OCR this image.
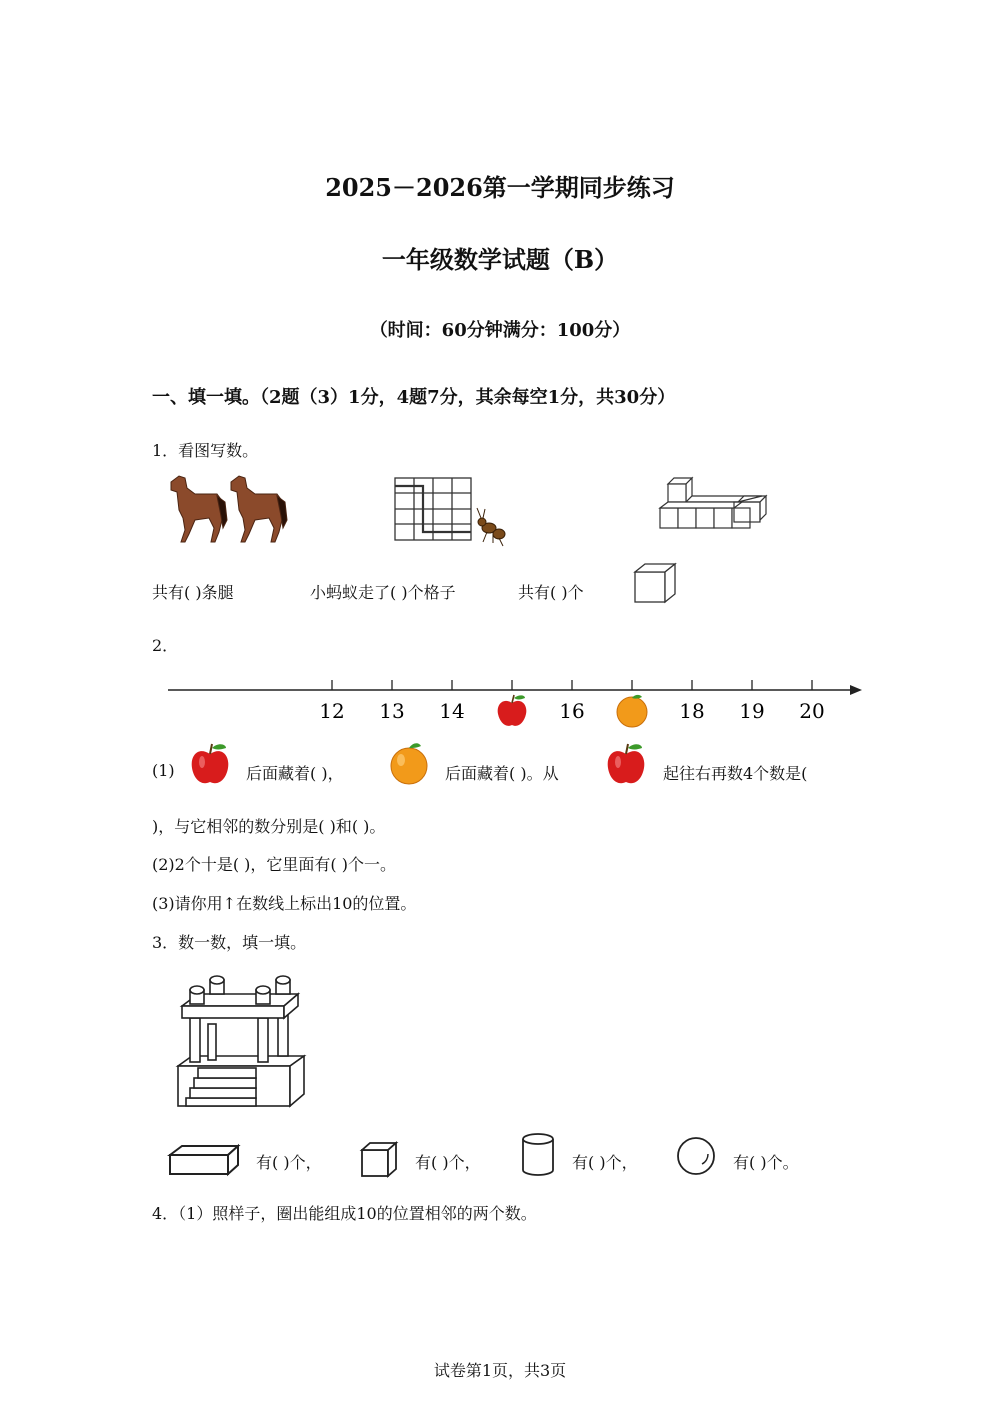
2025－2026第一学期同步练习
一年级数学试题（B）
（时间：60分钟满分：100分）
一、填一填。（2题（3）1分，4题7分，其余每空1分，共30分）
1．看图写数。
共有( )条腿	小蚂蚁走了( )个格子	共有( )个
2．
12 13 14	16	18 19 20
(1)	后面藏着( )，	后面藏着( )。从	起往右再数4个数是(
)，与它相邻的数分别是( )和( )。
(2)2个十是( )，它里面有( )个一。
(3)请你用↑在数线上标出10的位置。
3．数一数，填一填。
有( )个，	有( )个，	有( )个，	有( )个。
4．（1）照样子，圈出能组成10的位置相邻的两个数。
试卷第1页，共3页
